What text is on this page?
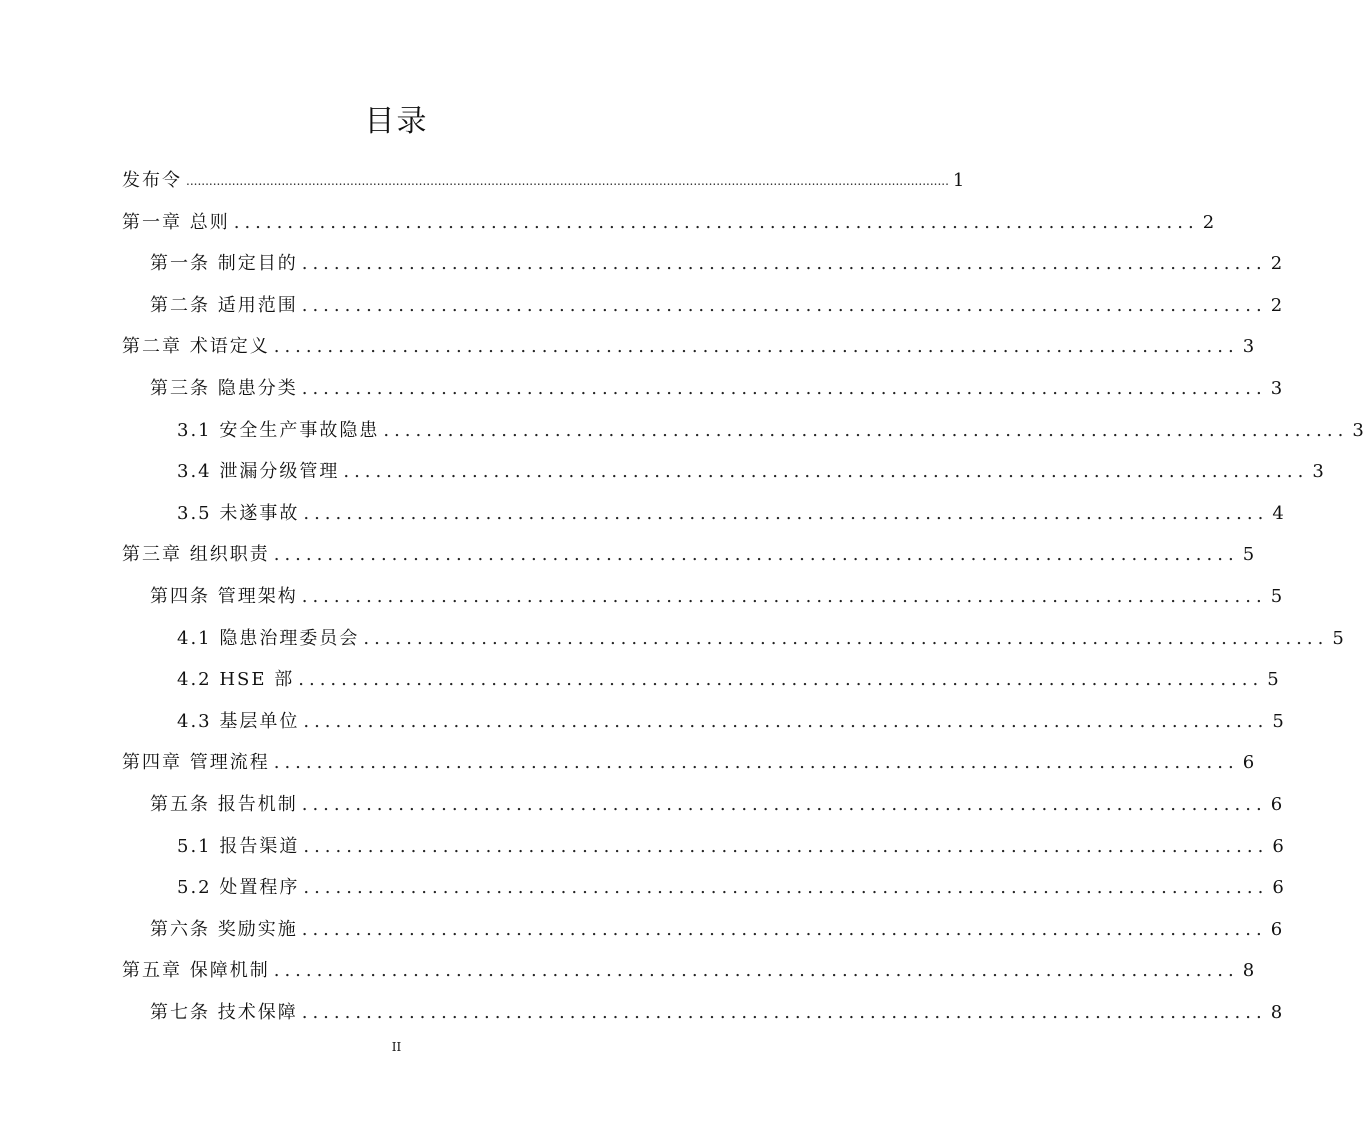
目录
发布令 ........................................................................................................................................................................................................ 1
第一章 总则 .......................................................................................... 2
第一条 制定目的 .......................................................................................... 2
第二条 适用范围 .......................................................................................... 2
第二章 术语定义 .......................................................................................... 3
第三条 隐患分类 .......................................................................................... 3
3.1 安全生产事故隐患 .......................................................................................... 3
3.4 泄漏分级管理 .......................................................................................... 3
3.5 未遂事故 .......................................................................................... 4
第三章 组织职责 .......................................................................................... 5
第四条 管理架构 .......................................................................................... 5
4.1 隐患治理委员会 .......................................................................................... 5
4.2 HSE 部 .......................................................................................... 5
4.3 基层单位 .......................................................................................... 5
第四章 管理流程 .......................................................................................... 6
第五条 报告机制 .......................................................................................... 6
5.1 报告渠道 .......................................................................................... 6
5.2 处置程序 .......................................................................................... 6
第六条 奖励实施 .......................................................................................... 6
第五章 保障机制 .......................................................................................... 8
第七条 技术保障 .......................................................................................... 8
II
